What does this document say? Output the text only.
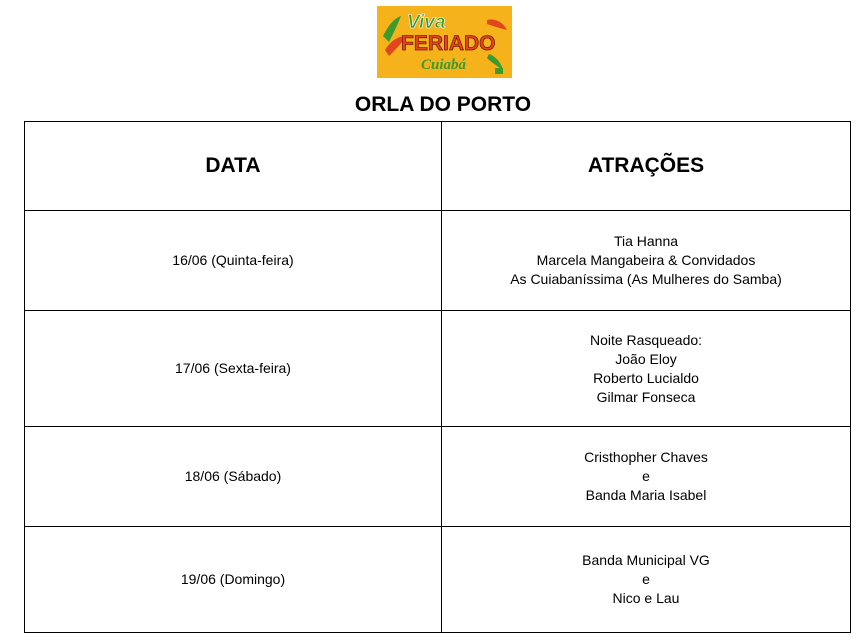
Viva
FERIADO
Cuiabá
ORLA DO PORTO
DATA	ATRAÇÕES
16/06 (Quinta-feira)	Tia Hanna
Marcela Mangabeira & Convidados
As Cuiabaníssima (As Mulheres do Samba)

17/06 (Sexta-feira)	Noite Rasqueado:
João Eloy
Roberto Lucialdo
Gilmar Fonseca

18/06 (Sábado)	Cristhopher Chaves
e
Banda Maria Isabel

19/06 (Domingo)	Banda Municipal VG
e
Nico e Lau
